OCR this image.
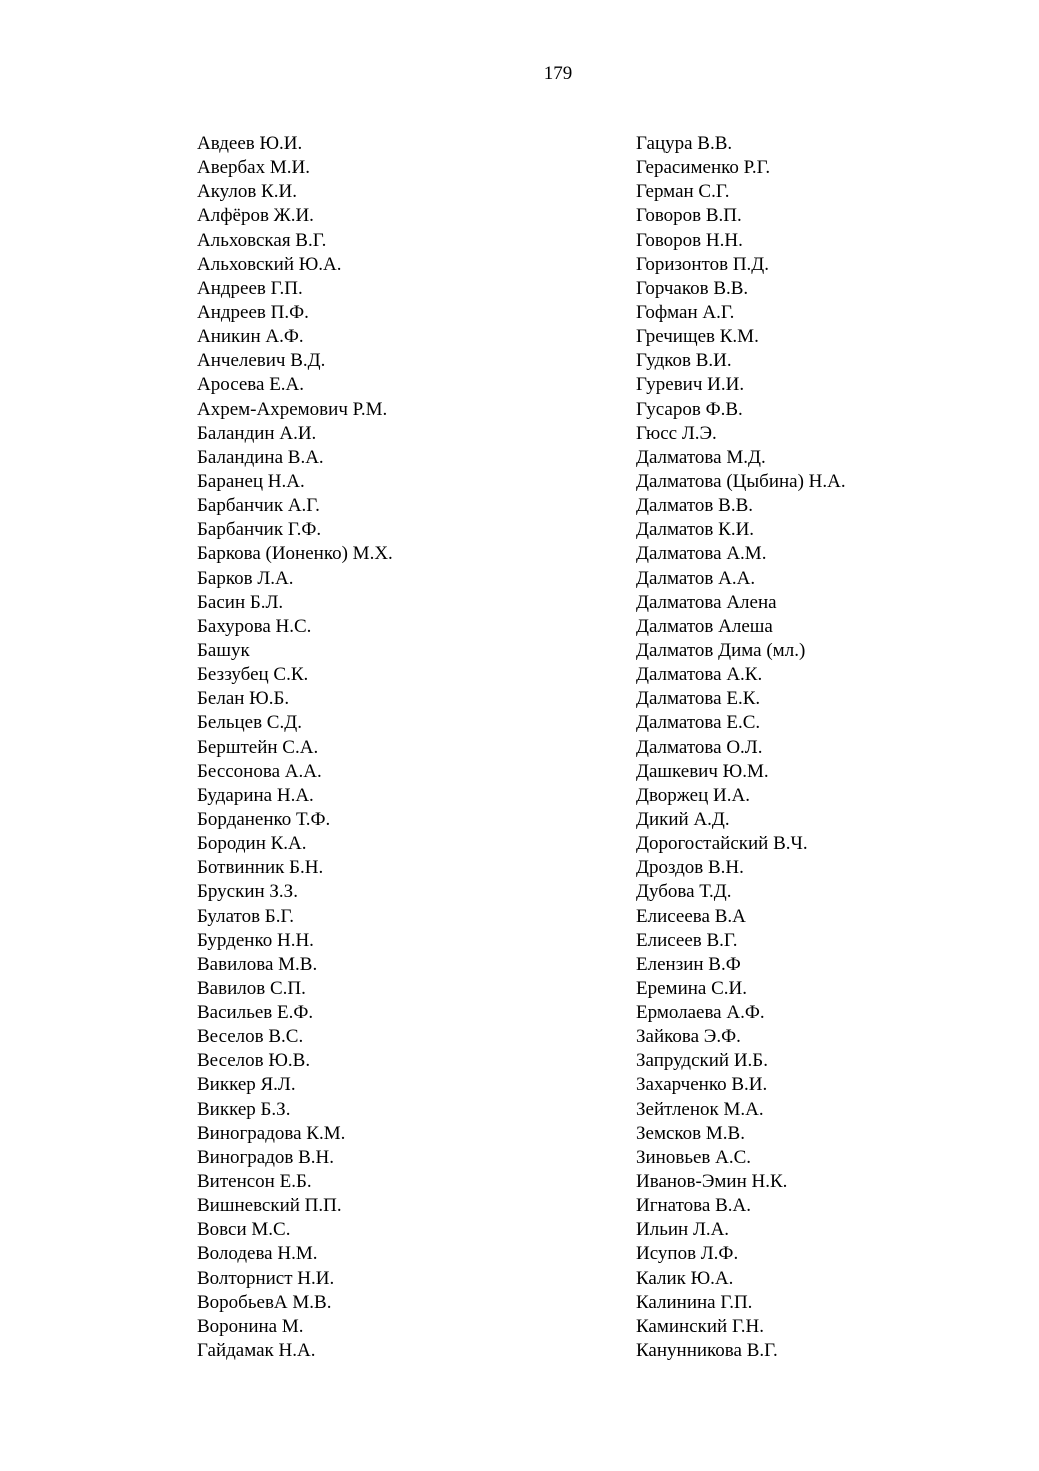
179
Авдеев Ю.И.
Авербах М.И.
Акулов К.И.
Алфёров Ж.И.
Альховская В.Г.
Альховский Ю.А.
Андреев Г.П.
Андреев П.Ф.
Аникин А.Ф.
Анчелевич В.Д.
Аросева Е.А.
Ахрем-Ахремович Р.М.
Баландин А.И.
Баландина В.А.
Баранец Н.А.
Барбанчик А.Г.
Барбанчик Г.Ф.
Баркова (Ионенко) М.Х.
Барков Л.А.
Басин Б.Л.
Бахурова Н.С.
Башук
Беззубец С.К.
Белан Ю.Б.
Бельцев С.Д.
Берштейн С.А.
Бессонова А.А.
Бударина Н.А.
Борданенко Т.Ф.
Бородин К.А.
Ботвинник Б.Н.
Брускин З.З.
Булатов Б.Г.
Бурденко Н.Н.
Вавилова М.В.
Вавилов С.П.
Васильев Е.Ф.
Веселов В.С.
Веселов Ю.В.
Виккер Я.Л.
Виккер Б.З.
Виноградова К.М.
Виноградов В.Н.
Витенсон Е.Б.
Вишневский П.П.
Вовси М.С.
Володева Н.М.
Волторнист Н.И.
ВоробьевА М.В.
Воронина М.
Гайдамак Н.А.
Гацура В.В.
Герасименко Р.Г.
Герман С.Г.
Говоров В.П.
Говоров Н.Н.
Горизонтов П.Д.
Горчаков В.В.
Гофман А.Г.
Гречищев К.М.
Гудков В.И.
Гуревич И.И.
Гусаров Ф.В.
Гюсс Л.Э.
Далматова М.Д.
Далматова (Цыбина) Н.А.
Далматов В.В.
Далматов К.И.
Далматова А.М.
Далматов А.А.
Далматова Алена
Далматов Алеша
Далматов Дима (мл.)
Далматова А.К.
Далматова Е.К.
Далматова Е.С.
Далматова О.Л.
Дашкевич Ю.М.
Дворжец И.А.
Дикий А.Д.
Дорогостайский В.Ч.
Дроздов В.Н.
Дубова Т.Д.
Елисеева В.А
Елисеев В.Г.
Елензин В.Ф
Еремина С.И.
Ермолаева А.Ф.
Зайкова Э.Ф.
Запрудский И.Б.
Захарченко В.И.
Зейтленок М.А.
Земсков М.В.
Зиновьев А.С.
Иванов-Эмин Н.К.
Игнатова В.А.
Ильин Л.А.
Исупов Л.Ф.
Калик Ю.А.
Калинина Г.П.
Каминский Г.Н.
Канунникова В.Г.
